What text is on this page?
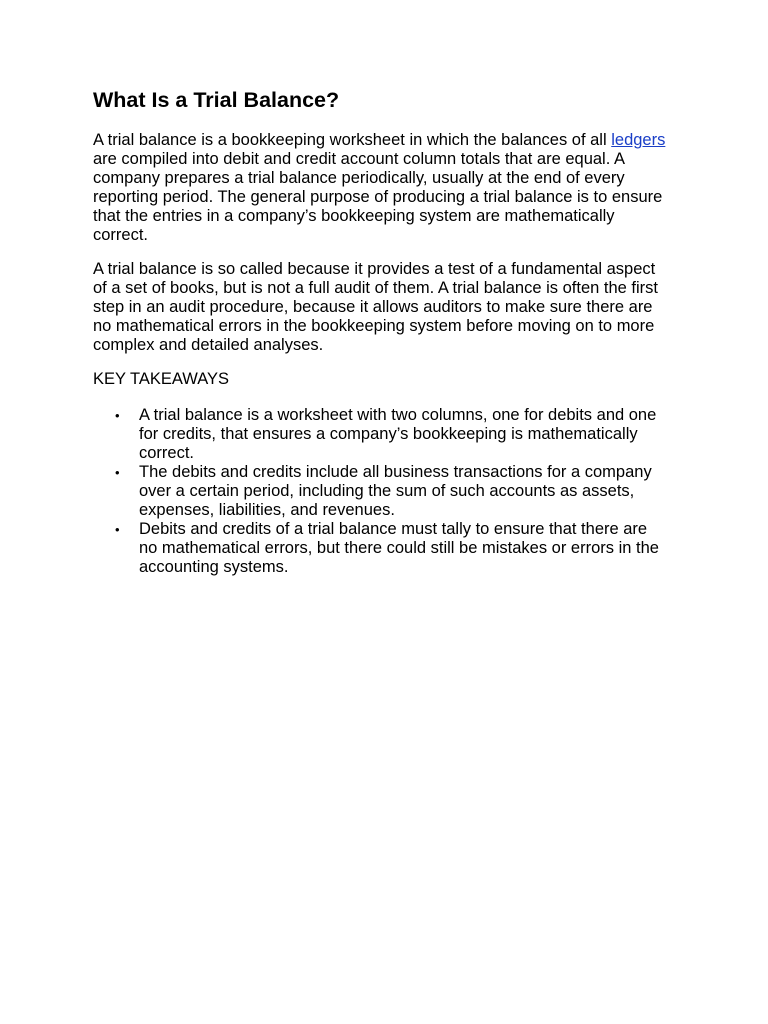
What Is a Trial Balance?

A trial balance is a bookkeeping worksheet in which the balances of all ledgers are compiled into debit and credit account column totals that are equal. A company prepares a trial balance periodically, usually at the end of every reporting period. The general purpose of producing a trial balance is to ensure that the entries in a company’s bookkeeping system are mathematically correct.

A trial balance is so called because it provides a test of a fundamental aspect of a set of books, but is not a full audit of them. A trial balance is often the first step in an audit procedure, because it allows auditors to make sure there are no mathematical errors in the bookkeeping system before moving on to more complex and detailed analyses.

KEY TAKEAWAYS
• A trial balance is a worksheet with two columns, one for debits and one for credits, that ensures a company’s bookkeeping is mathematically correct.
• The debits and credits include all business transactions for a company over a certain period, including the sum of such accounts as assets, expenses, liabilities, and revenues.
• Debits and credits of a trial balance must tally to ensure that there are no mathematical errors, but there could still be mistakes or errors in the accounting systems.
